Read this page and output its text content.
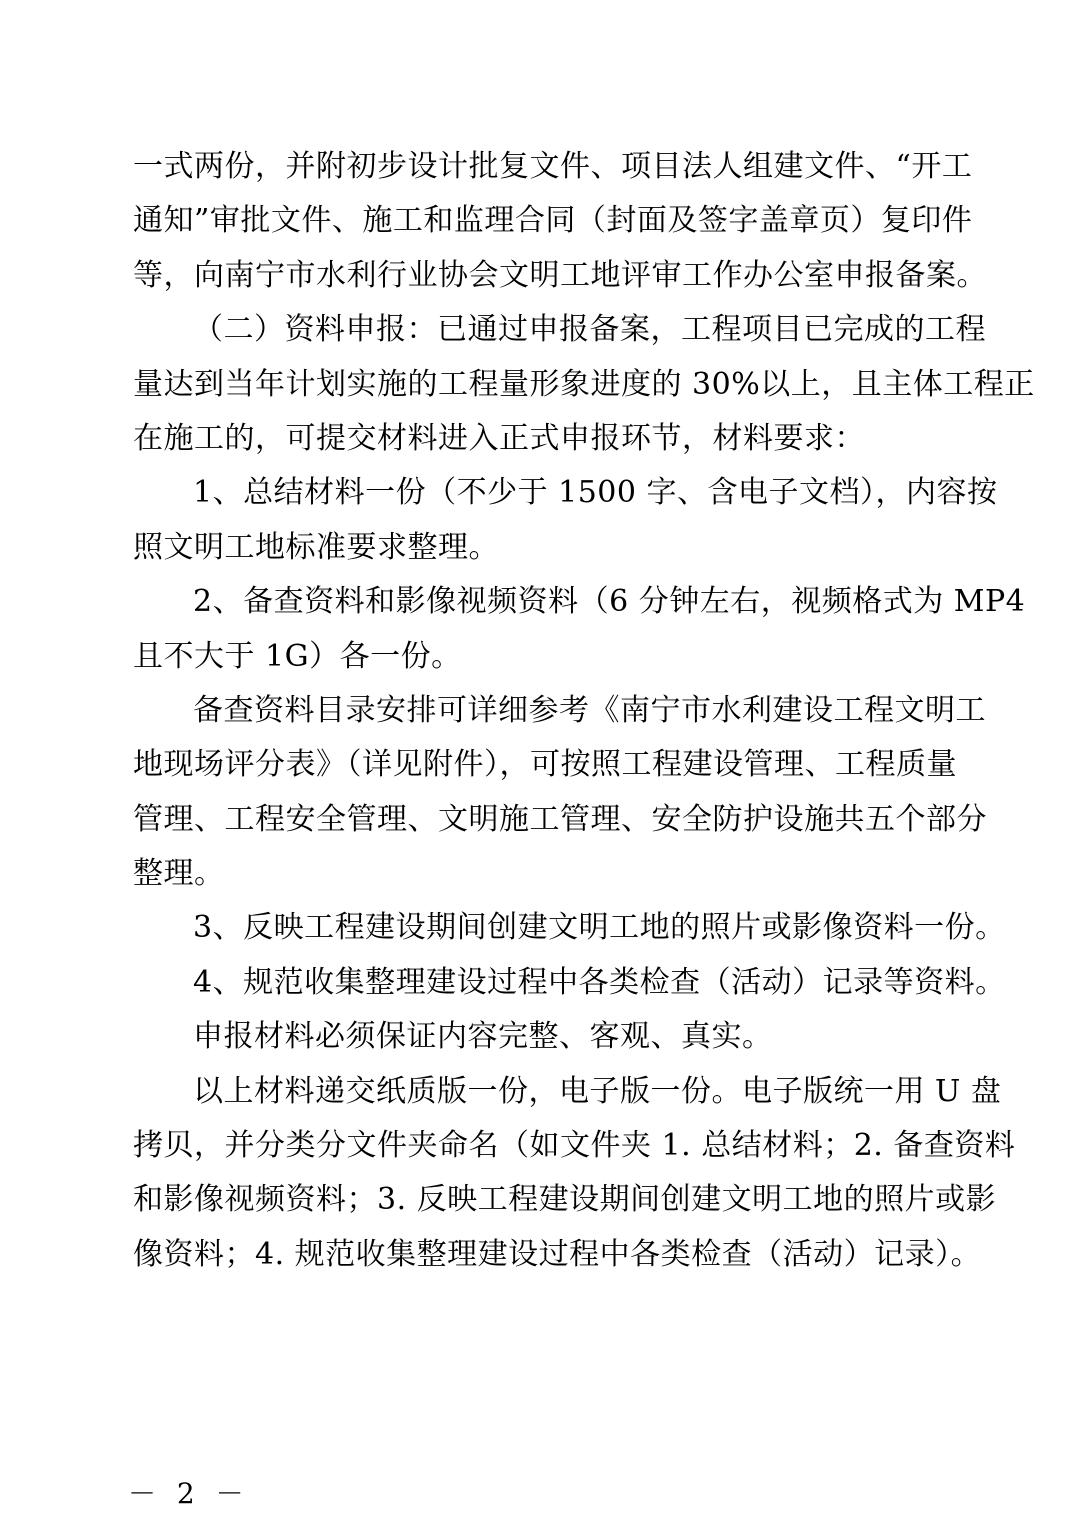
一式两份，并附初步设计批复文件、项目法人组建文件、“开工
通知”审批文件、施工和监理合同（封面及签字盖章页）复印件
等，向南宁市水利行业协会文明工地评审工作办公室申报备案。
（二）资料申报：已通过申报备案，工程项目已完成的工程
量达到当年计划实施的工程量形象进度的 30%以上，且主体工程正
在施工的，可提交材料进入正式申报环节，材料要求：
1、总结材料一份（不少于 1500 字、含电子文档），内容按
照文明工地标准要求整理。
2、备查资料和影像视频资料（6 分钟左右，视频格式为 MP4
且不大于 1G）各一份。
备查资料目录安排可详细参考《南宁市水利建设工程文明工
地现场评分表》（详见附件），可按照工程建设管理、工程质量
管理、工程安全管理、文明施工管理、安全防护设施共五个部分
整理。
3、反映工程建设期间创建文明工地的照片或影像资料一份。
4、规范收集整理建设过程中各类检查（活动）记录等资料。
申报材料必须保证内容完整、客观、真实。
以上材料递交纸质版一份，电子版一份。电子版统一用 U 盘
拷贝，并分类分文件夹命名（如文件夹 1. 总结材料；2. 备查资料
和影像视频资料；3. 反映工程建设期间创建文明工地的照片或影
像资料；4. 规范收集整理建设过程中各类检查（活动）记录）。
－ 2 －
